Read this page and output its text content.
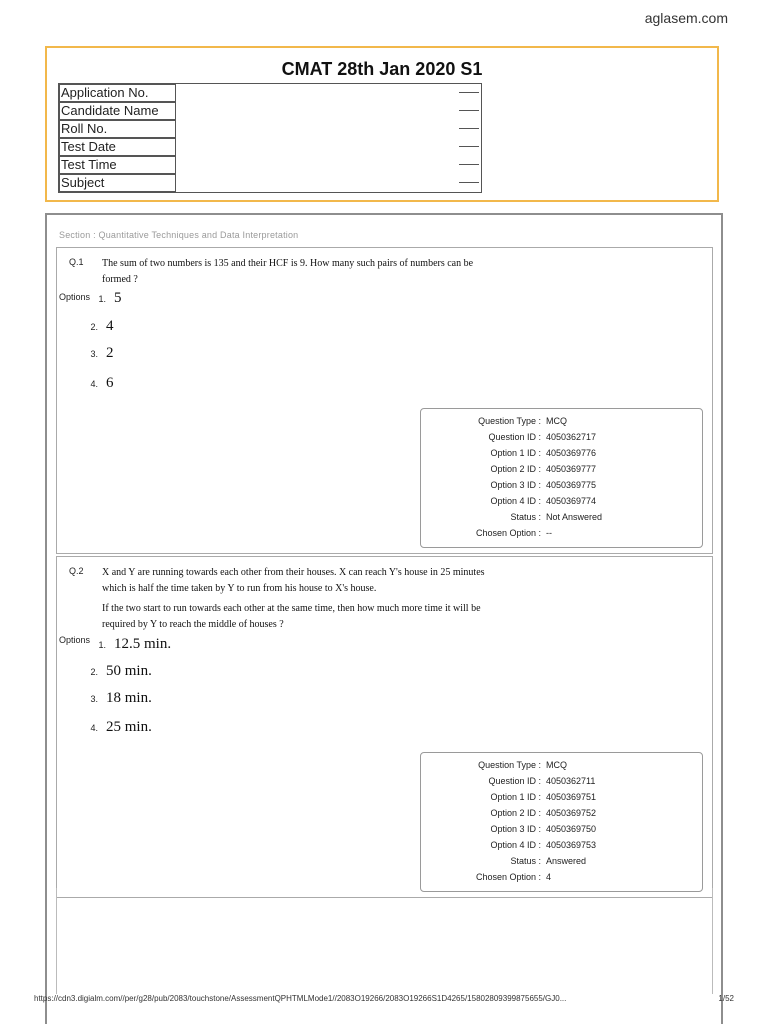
aglasem.com
CMAT 28th Jan 2020 S1
Application No.
Candidate Name
Roll No.
Test Date
Test Time
Subject
Section : Quantitative Techniques and Data Interpretation
Q.1 The sum of two numbers is 135 and their HCF is 9. How many such pairs of numbers can be

formed ?

Options 1. 5
2. 4
3. 2
4. 6
Question Type : MCQ
Question ID : 4050362717
Option 1 ID : 4050369776
Option 2 ID : 4050369777
Option 3 ID : 4050369775
Option 4 ID : 4050369774
Status : Not Answered
Chosen Option : --
Q.2 X and Y are running towards each other from their houses. X can reach Y's house in 25 minutes

which is half the time taken by Y to run from his house to X's house.

If the two start to run towards each other at the same time, then how much more time it will be

required by Y to reach the middle of houses ?

Options 1. 12.5 min.
2. 50 min.
3. 18 min.
4. 25 min.
Question Type : MCQ
Question ID : 4050362711
Option 1 ID : 4050369751
Option 2 ID : 4050369752
Option 3 ID : 4050369750
Option 4 ID : 4050369753
Status : Answered
Chosen Option : 4
https://cdn3.digialm.com//per/g28/pub/2083/touchstone/AssessmentQPHTMLMode1//2083O19266/2083O19266S1D4265/15802809399875655/GJ0...	1/52
